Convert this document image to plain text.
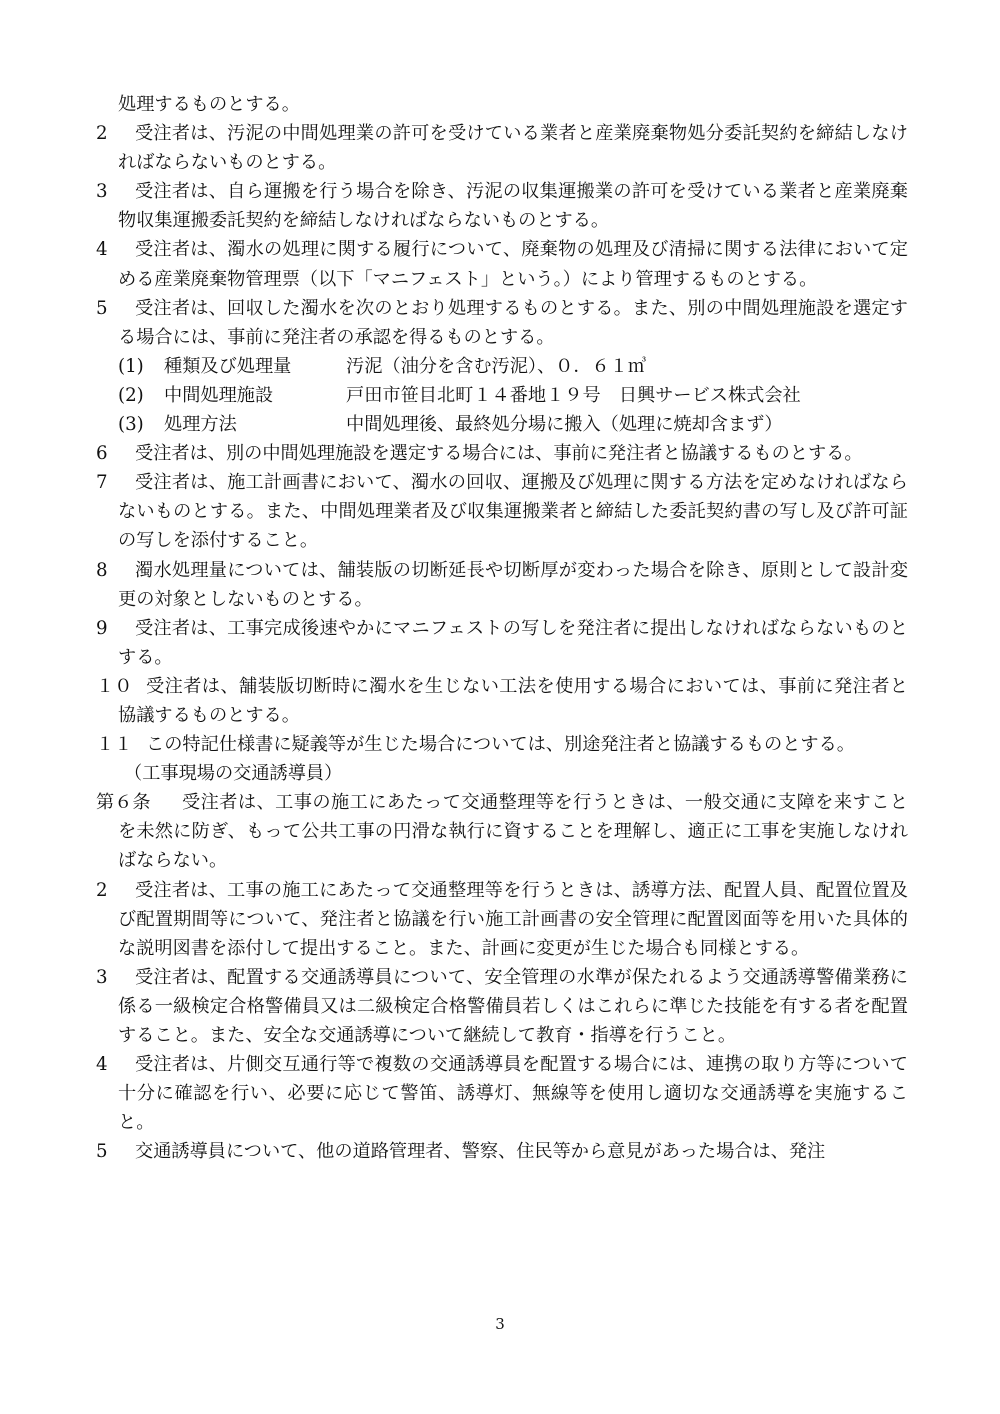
処理するものとする。

2	受注者は、汚泥の中間処理業の許可を受けている業者と産業廃棄物処分委託契約を締結しなければならないものとする。

3	受注者は、自ら運搬を行う場合を除き、汚泥の収集運搬業の許可を受けている業者と産業廃棄物収集運搬委託契約を締結しなければならないものとする。

4	受注者は、濁水の処理に関する履行について、廃棄物の処理及び清掃に関する法律において定める産業廃棄物管理票（以下「マニフェスト」という。）により管理するものとする。

5	受注者は、回収した濁水を次のとおり処理するものとする。また、別の中間処理施設を選定する場合には、事前に発注者の承認を得るものとする。

(1) 種類及び処理量	汚泥（油分を含む汚泥）、０．６１㎥
(2) 中間処理施設	戸田市笹目北町１４番地１９号　日興サービス株式会社
(3) 処理方法	中間処理後、最終処分場に搬入（処理に焼却含まず）

6	受注者は、別の中間処理施設を選定する場合には、事前に発注者と協議するものとする。

7	受注者は、施工計画書において、濁水の回収、運搬及び処理に関する方法を定めなければならないものとする。また、中間処理業者及び収集運搬業者と締結した委託契約書の写し及び許可証の写しを添付すること。

8	濁水処理量については、舗装版の切断延長や切断厚が変わった場合を除き、原則として設計変更の対象としないものとする。

9	受注者は、工事完成後速やかにマニフェストの写しを発注者に提出しなければならないものとする。

１０ 受注者は、舗装版切断時に濁水を生じない工法を使用する場合においては、事前に発注者と協議するものとする。

１１ この特記仕様書に疑義等が生じた場合については、別途発注者と協議するものとする。

（工事現場の交通誘導員）

第６条	受注者は、工事の施工にあたって交通整理等を行うときは、一般交通に支障を来すことを未然に防ぎ、もって公共工事の円滑な執行に資することを理解し、適正に工事を実施しなければならない。

2	受注者は、工事の施工にあたって交通整理等を行うときは、誘導方法、配置人員、配置位置及び配置期間等について、発注者と協議を行い施工計画書の安全管理に配置図面等を用いた具体的な説明図書を添付して提出すること。また、計画に変更が生じた場合も同様とする。

3	受注者は、配置する交通誘導員について、安全管理の水準が保たれるよう交通誘導警備業務に係る一級検定合格警備員又は二級検定合格警備員若しくはこれらに準じた技能を有する者を配置すること。また、安全な交通誘導について継続して教育・指導を行うこと。

4	受注者は、片側交互通行等で複数の交通誘導員を配置する場合には、連携の取り方等について十分に確認を行い、必要に応じて警笛、誘導灯、無線等を使用し適切な交通誘導を実施すること。

5	交通誘導員について、他の道路管理者、警察、住民等から意見があった場合は、発注

3
